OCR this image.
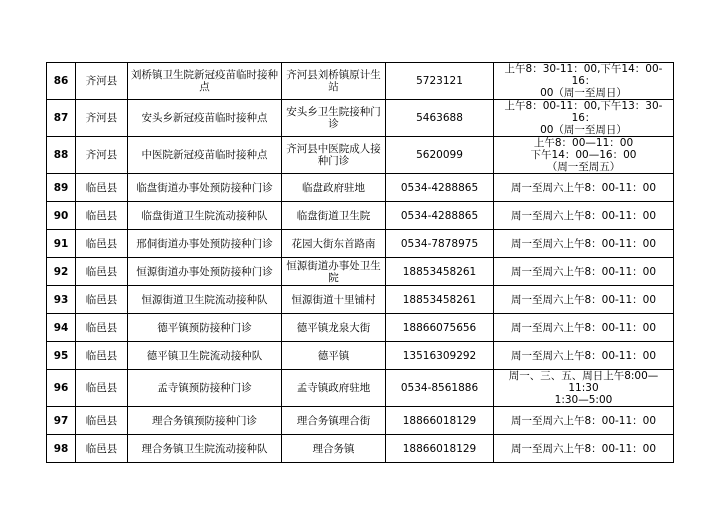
86	齐河县	刘桥镇卫生院新冠疫苗临时接种点	齐河县刘桥镇原计生站	5723121	上午8：30-11：00,下午14：00-16：
00（周一至周日）

87	齐河县	安头乡新冠疫苗临时接种点	安头乡卫生院接种门诊	5463688	上午8：00-11：00,下午13：30-16：
00（周一至周日）

88	齐河县	中医院新冠疫苗临时接种点	齐河县中医院成人接种门诊	5620099	上午8：00—11：00
下午14：00—16：00
（周一至周五）

89	临邑县	临盘街道办事处预防接种门诊	临盘政府驻地	0534-4288865	周一至周六上午8：00-11：00

90	临邑县	临盘街道卫生院流动接种队	临盘街道卫生院	0534-4288865	周一至周六上午8：00-11：00

91	临邑县	邢侗街道办事处预防接种门诊	花园大街东首路南	0534-7878975	周一至周六上午8：00-11：00

92	临邑县	恒源街道办事处预防接种门诊	恒源街道办事处卫生院	18853458261	周一至周六上午8：00-11：00

93	临邑县	恒源街道卫生院流动接种队	恒源街道十里铺村	18853458261	周一至周六上午8：00-11：00

94	临邑县	德平镇预防接种门诊	德平镇龙泉大街	18866075656	周一至周六上午8：00-11：00

95	临邑县	德平镇卫生院流动接种队	德平镇	13516309292	周一至周六上午8：00-11：00

96	临邑县	孟寺镇预防接种门诊	孟寺镇政府驻地	0534-8561886	周一、三、五、周日上午8:00—11:30
1:30—5:00

97	临邑县	理合务镇预防接种门诊	理合务镇理合街	18866018129	周一至周六上午8：00-11：00

98	临邑县	理合务镇卫生院流动接种队	理合务镇	18866018129	周一至周六上午8：00-11：00
